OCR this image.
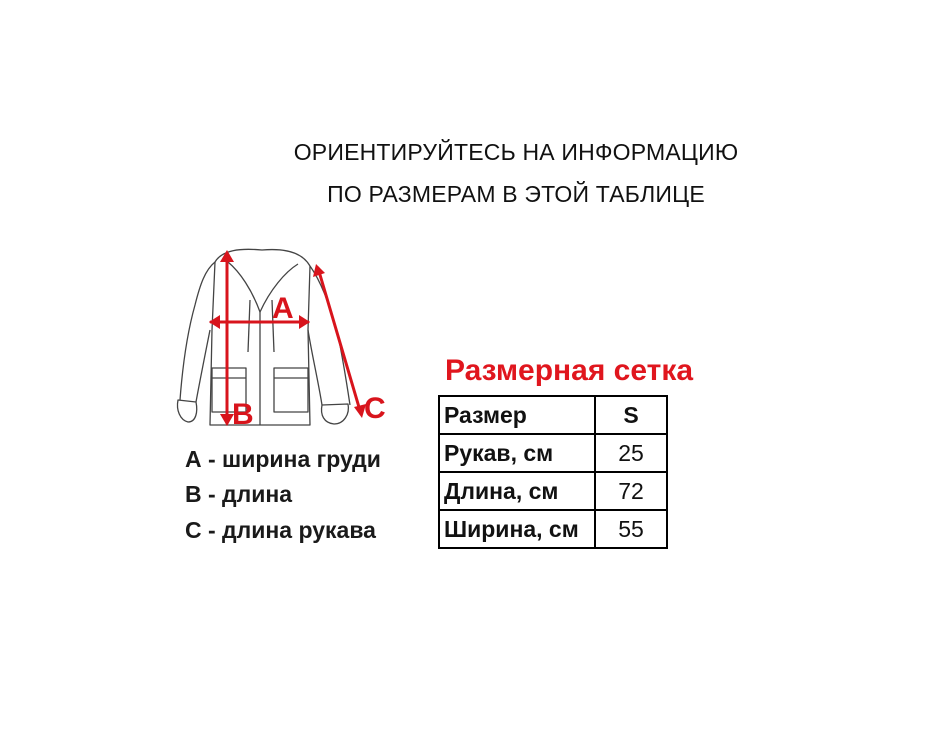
ОРИЕНТИРУЙТЕСЬ НА ИНФОРМАЦИЮ
ПО РАЗМЕРАМ В ЭТОЙ ТАБЛИЦЕ
A
B	C
А - ширина груди
В - длина
С - длина рукава
Размерная сетка
Размер	S
Рукав, см	25
Длина, см	72
Ширина, см	55
